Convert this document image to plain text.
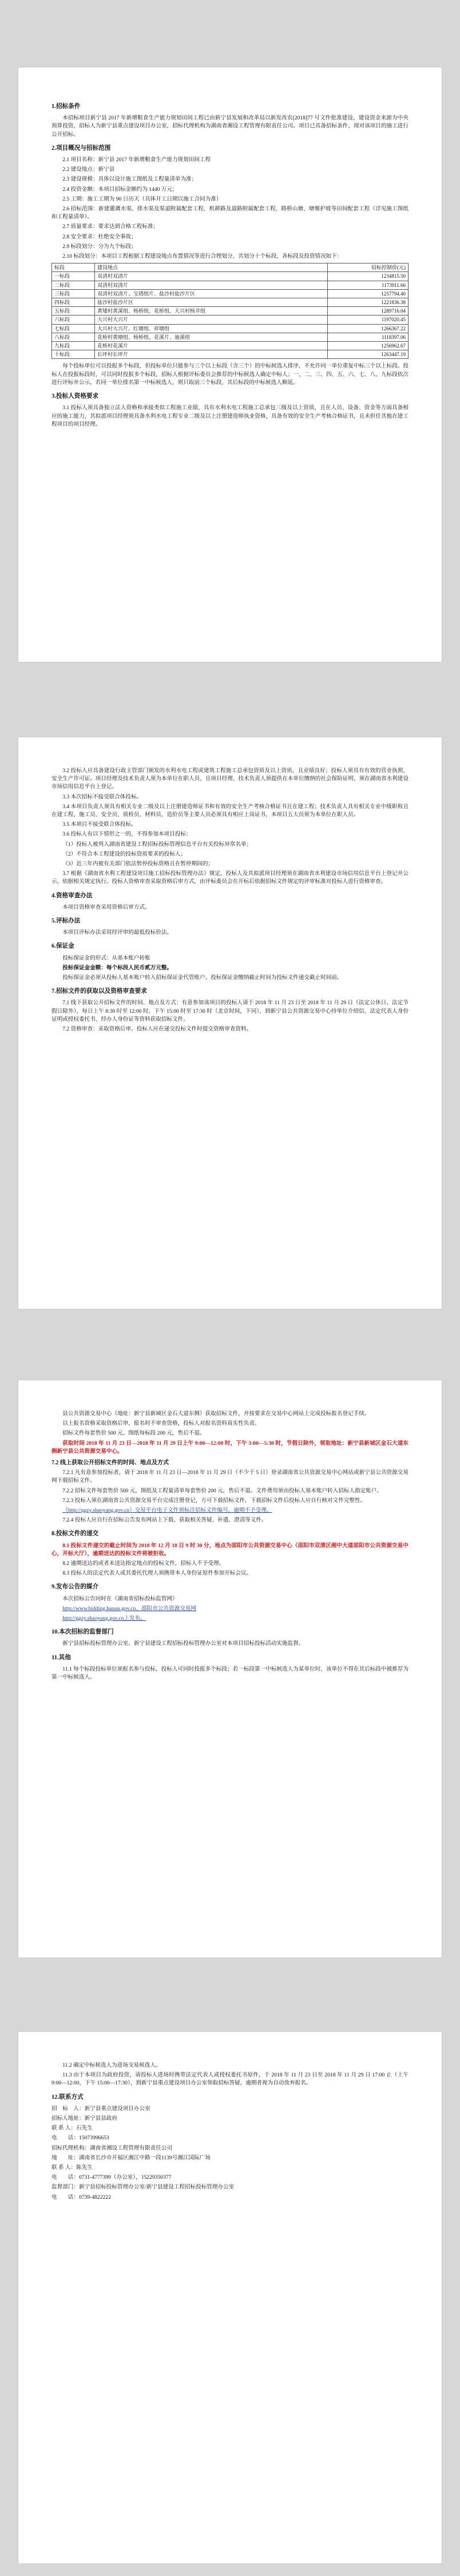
1.招标条件

本招标项目新宁县 2017 年新增粮食生产能力规划田间工程已由新宁县发展和改革局以新发改农[2018]77 号文件批准建设，建设资金来源为中央预算投资，招标人为新宁县重点建设项目办公室，招标代理机构为湖南省湘设工程管理有限责任公司。项目已具备招标条件，现对该项目的施工进行公开招标。

2.项目概况与招标范围

2.1 项目名称：新宁县 2017 年新增粮食生产能力规划田间工程

2.2 建设地点：新宁县

2.3 建设规模：具体以设计施工图纸及工程量清单为准；

2.4 投资金额：本项目招标金额约为 1440 万元；

2.5 工期：施工工期为 90 日历天（具体开工日期以施工合同为准）

2.6 招标范围：新建灌溉水渠、排水渠及渠道附属配套工程，机耕路及道路附属配套工程，路桥山塘、塘堰护坡等田间配套工程（详见施工图纸和工程量清单）。

2.7 质量要求：要求达到合格工程标准；

2.8 安全要求：杜绝安全事故；

2.9 标段划分：分为九个标段；

2.10 标段划分：本项目工程根据工程建设地点布置情况等进行合理划分，共划分十个标段，各标段及投资情况如下：

标段	建设地点	招标控制价(元)
一标段	双清村双清片	1234815.50
二标段	双清村双清片	1173911.66
三标段	双清村双清片、宝塔组片、盐沙村盐沙片区	1257794.40
四标段	盐沙村盐沙片区	1221836.38
五标段	黄矮村黄溪组、杨桥组、花桥组、大兴村杨井组	1289716.04
六标段	大兴村大兴片	1197020.45
七标段	大兴村大兴片、红塘组、祥塘组	1266367.22
八标段	花桥村黄塘组、杨桥组、花溪片、迪溪组	1118397.06
九标段	花桥村花溪片	1256962.67
十标段	长坪村长坪片	1263447.19

每个投标单位可以投报多个标段，但投标单位只能参与三个以上标段（含三个）的中标候选人排序，不允许同一单位重复中标三个以上标段。投标人在投报标段时，可以同时投报多个标段，招标人根据评标委员会推荐的中标候选人确定中标人；一、二、三、四、五、六、七、八、九标段依次进行评标并公示，若同一单位排名第一中标候选人，则只取前三个标段，其后标段的中标候选人顺延。

3.投标人资格要求

3.1 投标人须具备独立法人资格和承接类似工程施工业绩，具有水利水电工程施工总承包三级及以上资质，且在人员、设备、资金等方面具备相应的施工能力，其拟派项目经理须具备水利水电工程专业二级及以上注册建造师执业资格，具备有效的安全生产考核合格证书，且未担任其他在建工程项目的项目经理。

3.2 投标人应具备建设行政主管部门颁发的水利水电工程或建筑工程施工总承包资质及以上资质，且业绩良好；投标人须具有有效的营业执照、安全生产许可证。项目经理及技术负责人须为本单位在职人员，且项目经理、技术负责人须提供在本单位缴纳的社会保险证明，须在湖南省水利建设市场信用信息平台上登记。

3.3 本次招标不接受联合体投标。

3.4 本项目负责人须具有相关专业二级及以上注册建造师证书和有效的安全生产考核合格证书且在建工程；技术负责人具有相关专业中级职称且在建工程，施工员、安全员、质检员、材料员、造价员等主要人员必须具有相应上岗证书，本项目五大员须为本单位在职人员。

3.5 本项目不接受联合体投标。

3.6 投标人有以下情形之一的，不得参加本项目投标：

（1）投标人被列入湖南省建设工程招标投标管理信息平台有关投标异常名单；

（2）不符合本工程建设的投标资质要求的投标人；

（3）近三年内被有关部门依法暂停投标资格且在暂停期间的；

3.7 根据《湖南省水利工程建设项目施工招标投标管理办法》规定，投标人及其拟派项目经理须在湖南省水利建设市场信用信息平台上登记并公示，依据相关规定执行。投标人资格审查采取资格后审方式，由评标委员会在开标后依据招标文件规定的评审标准对投标人进行资格审查。

4.资格审查办法

本项目资格审查采用资格后审方式。

5.评标办法

本项目评标办法采用经评审的最低投标价法。

6.保证金

投标保证金的形式：从基本账户转账

投标保证金金额：每个标段人民币贰万元整。

投标保证金必须从投标人基本账户转入招标保证金代管账户。投标保证金缴纳截止时间为投标文件递交截止时间前。

7.招标文件的获取以及资格审查要求

7.1 线下获取公开招标文件的时间、地点及方式：有意参加该项目的投标人请于 2018 年 11 月 23 日至 2018 年 11 月 29 日（法定公休日、法定节假日除外），每日上午 8:30 时至 12:00 时，下午 15:00 时至 17:30 时（北京时间，下同），到新宁县公共资源交易中心持单位介绍信、法定代表人身份证明或授权委托书、经办人身份证等资料获取招标文件。

7.2 资格审查：采取资格后审。投标人应在递交投标文件时提交资格审查资料。

县公共资源交易中心（地址：新宁县新城区金石大道东侧）获取招标文件，并按要求在交易中心网站上完成投标报名登记手续。

以上报名资格采取资格后审，报名时不审查资格，投标人对报名资料真实性负责。

招标文件每套售价 500 元，图纸每标段 200 元，售后不退。

获取时间 2018 年 11 月 23 日—2018 年 11 月 29 日上午 9:00—12:00 时，下午 3:00—5:30 时，节假日除外，领取地址：新宁县新城区金石大道东侧新宁县公共资源交易中心。

7.2 线上获取公开招标文件的时间、地点及方式

7.2.1 凡有意参加投标者，请于 2018 年 11 月 23 日—2018 年 11 月 29 日（不少于 5 日）登录湖南省公共资源交易中心网站或新宁县公共资源交易网下载招标文件。

7.2.2 招标文件每套售价 500 元，图纸及工程量清单每套售价 200 元，售后不退。文件费用须由投标人基本账户转入招标人指定账户。

7.2.3 投标人须在湖南省公共资源交易平台完成注册登记，方可下载招标文件，下载招标文件后投标人应自行核对文件完整性。

（http://ggzy.shaoyang.gov.cn）交易平台电子文件须标注招标文件编号，逾期不予受理。

7.2.4 投标人应自行在招标公告发布网站上下载、获取相关答疑、补遗、澄清等文件。

8.投标文件的递交

8.1 投标文件递交的截止时间为 2018 年 12 月 18 日 9 时 30 分，地点为邵阳市公共资源交易中心（邵阳市双清区湘中大道邵阳市公共资源交易中心，开标大厅），逾期送达的投标文件将被拒收。

8.2 逾期送达的或者未送达指定地点的投标文件，招标人不予受理。

8.3 投标人的法定代表人或其委托代理人须携带本人身份证原件参加开标会议。

9.发布公告的媒介

本次招标公告同时在《湖南省招标投标监管网》

http://www.bidding.hunan.gov.cn、邵阳市公共资源交易网

http://ggzy.shaoyang.gov.cn上发布。

10.本次招标的监督部门

新宁县招标投标管理办公室、新宁县建设工程招标投标管理办公室对本项目招标投标活动实施监督。

11.其他

11.1 每个标段投标单位须报名参与投标，投标人可同时投报多个标段；若一标段第一中标候选人为某单位时，该单位不得在其后标段中被推荐为第一中标候选人。

11.2 确定中标候选人为进场交易候选人。

11.3 由于本项目为政府投资，请投标人进场时携带法定代表人或授权委托书原件，于 2018 年 11 月 23 日至 2018 年 11 月 29 日 17:00 止（上午 9:00—12:00，下午 15:00—17:30），到新宁县重点建设项目办公室领取招标答疑，逾期者视为自动放弃报名。

12.联系方式

招　标　人：新宁县重点建设项目办公室

招标人地址：新宁县县政府

联 系 人：石先生

电　　话：15073996653

招标代理机构：湖南省湘设工程管理有限责任公司

地　　址：湖南省长沙市开福区湘江中路一段1139号湘江国际广场

联 系 人：陈先生

电　　话：0731-4777399（办公室），15229350377

监督部门：新宁县招标投标管理办公室/新宁县建设工程招标投标管理办公室

电　　话：0739-4822222
